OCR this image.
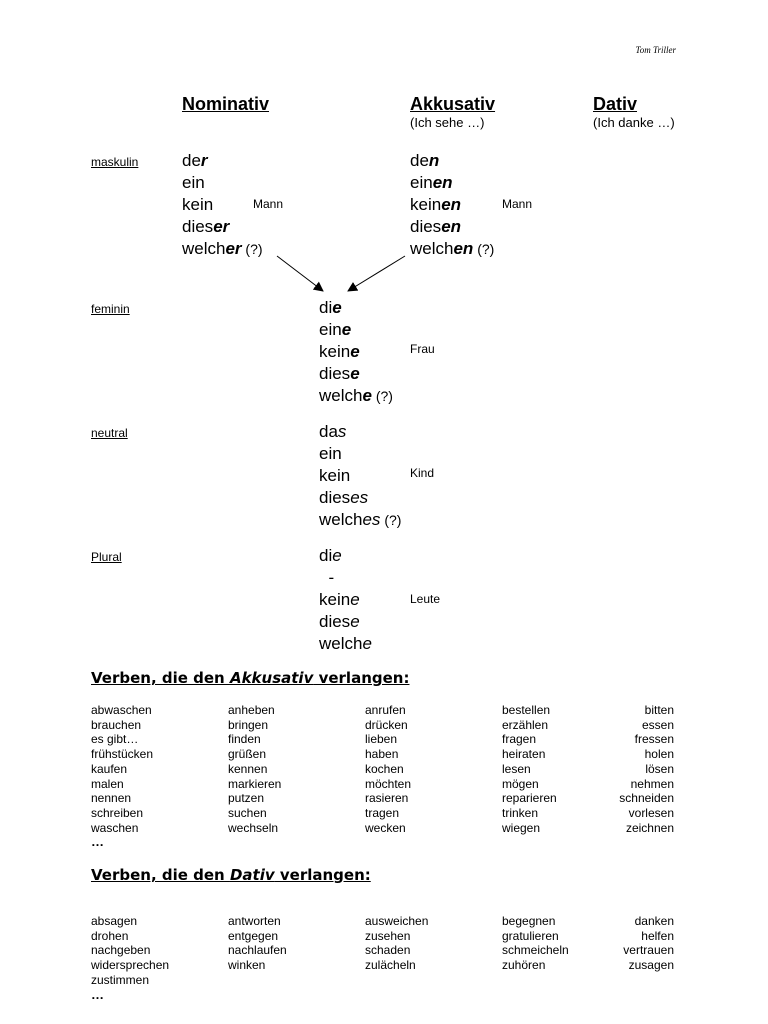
Tom Triller
Nominativ	Akkusativ
(Ich sehe …)
Dativ
(Ich danke …)
maskulin
feminin
neutral
Plural
der
ein
kein
dieser
welcher (?)
Mann
den
einen
keinen
diesen
welchen (?)
Mann
die
eine
keine
diese
welche (?)
Frau
das
ein
kein
dieses
welches (?)
Kind
die
-
keine
diese
welche
Leute
Verben, die den Akkusativ verlangen:
abwaschen
brauchen
es gibt…
frühstücken
kaufen
malen
nennen
schreiben
waschen
…
anheben
bringen
finden
grüßen
kennen
markieren
putzen
suchen
wechseln
anrufen
drücken
lieben
haben
kochen
möchten
rasieren
tragen
wecken
bestellen
erzählen
fragen
heiraten
lesen
mögen
reparieren
trinken
wiegen
bitten
essen
fressen
holen
lösen
nehmen
schneiden
vorlesen
zeichnen
Verben, die den Dativ verlangen:
absagen
drohen
nachgeben
widersprechen
zustimmen
…
antworten
entgegen
nachlaufen
winken
ausweichen
zusehen
schaden
zulächeln
begegnen
gratulieren
schmeicheln
zuhören
danken
helfen
vertrauen
zusagen
